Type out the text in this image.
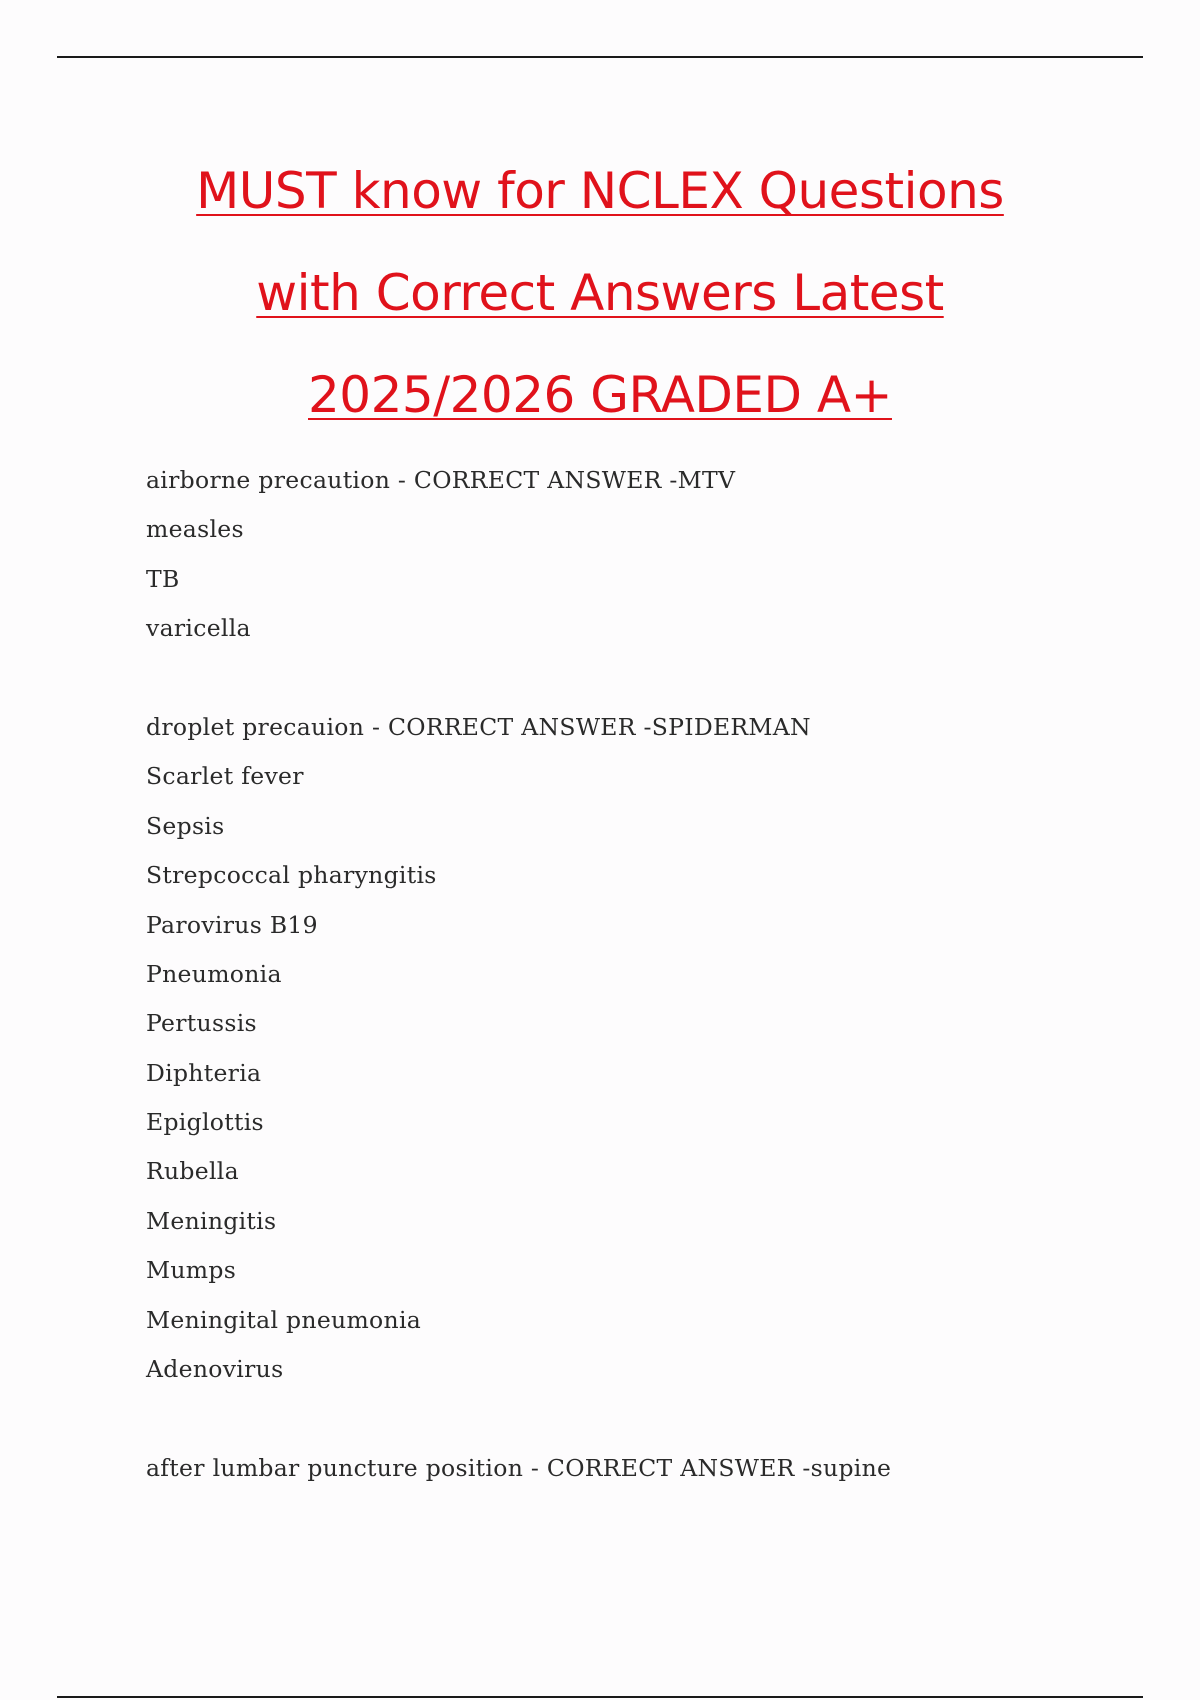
MUST know for NCLEX Questions
with Correct Answers Latest
2025/2026 GRADED A+
airborne precaution - CORRECT ANSWER -MTV
measles
TB
varicella
droplet precauion - CORRECT ANSWER -SPIDERMAN
Scarlet fever
Sepsis
Strepcoccal pharyngitis
Parovirus B19
Pneumonia
Pertussis
Diphteria
Epiglottis
Rubella
Meningitis
Mumps
Meningital pneumonia
Adenovirus
after lumbar puncture position - CORRECT ANSWER -supine
